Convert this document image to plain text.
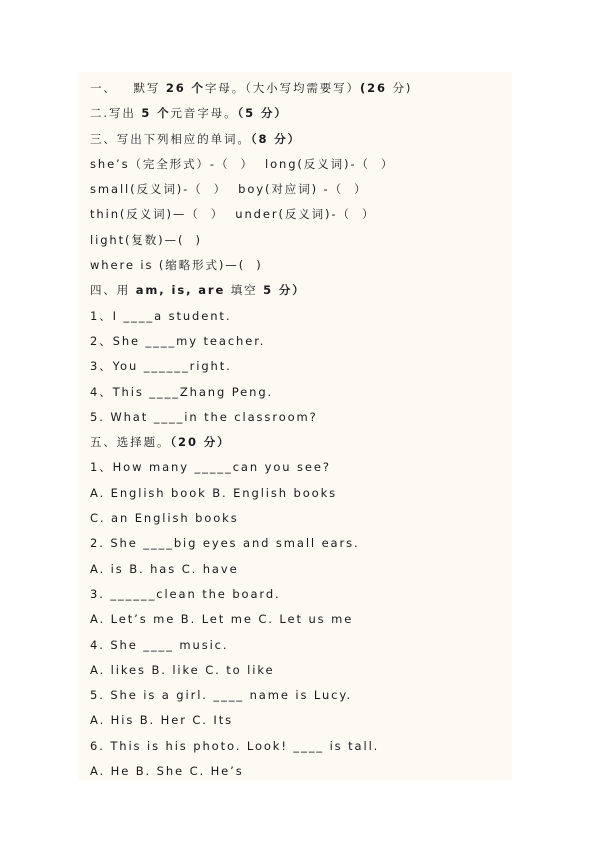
一、   默写 26 个字母。（大小写均需要写）(26 分)
二.写出 5 个元音字母。（5 分）
三、写出下列相应的单词。（8 分）
she’s（完全形式）-（  ）  long(反义词)-（  ）
small(反义词)-（  ）  boy(对应词) -（  ）
thin(反义词)—（  ）  under(反义词)-（  ）
light(复数)—(  )
where is (缩略形式)—(  )
四、用 am, is, are 填空 5 分）
1、I ____a student.
2、She ____my teacher.
3、You ______right.
4、This ____Zhang Peng.
5. What ____in the classroom?
五、选择题。（20 分）
1、How many _____can you see?
A. English book B. English books
C. an English books
2. She ____big eyes and small ears.
A. is B. has C. have
3. ______clean the board.
A. Let’s me B. Let me C. Let us me
4. She ____ music.
A. likes B. like C. to like
5. She is a girl. ____ name is Lucy.
A. His B. Her C. Its
6. This is his photo. Look! ____ is tall.
A. He B. She C. He’s
